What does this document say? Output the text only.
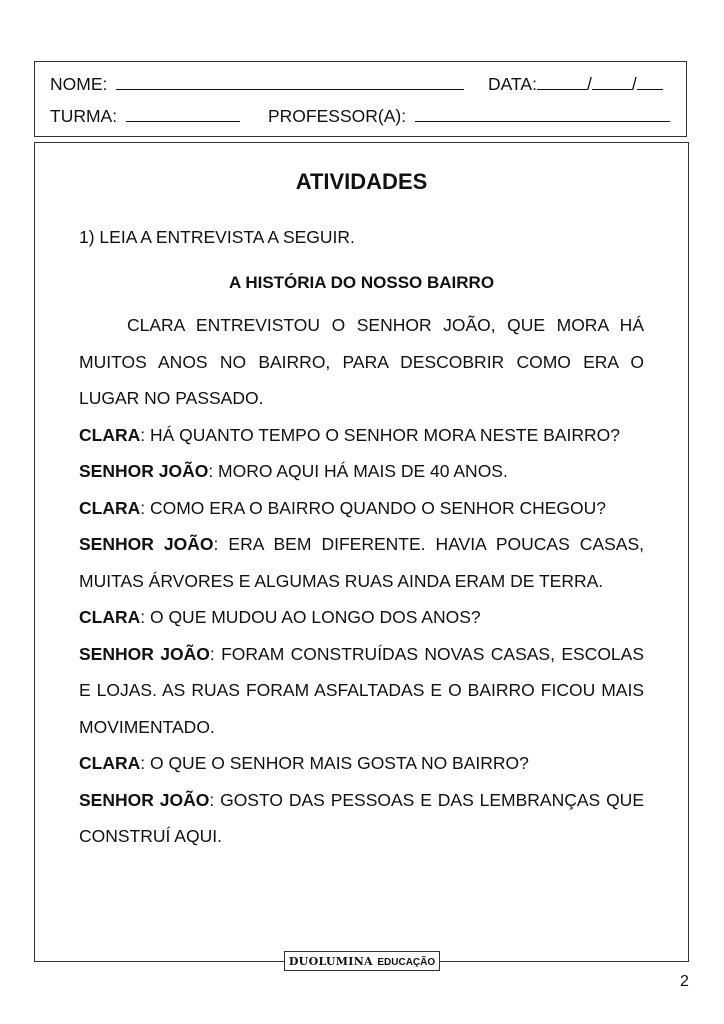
NOME:	DATA:	/ /
TURMA:	PROFESSOR(A):
ATIVIDADES
1) LEIA A ENTREVISTA A SEGUIR.
A HISTÓRIA DO NOSSO BAIRRO

CLARA ENTREVISTOU O SENHOR JOÃO, QUE MORA HÁ MUITOS ANOS NO BAIRRO, PARA DESCOBRIR COMO ERA O LUGAR NO PASSADO.

CLARA: HÁ QUANTO TEMPO O SENHOR MORA NESTE BAIRRO?

SENHOR JOÃO: MORO AQUI HÁ MAIS DE 40 ANOS.

CLARA: COMO ERA O BAIRRO QUANDO O SENHOR CHEGOU?

SENHOR JOÃO: ERA BEM DIFERENTE. HAVIA POUCAS CASAS, MUITAS ÁRVORES E ALGUMAS RUAS AINDA ERAM DE TERRA.

CLARA: O QUE MUDOU AO LONGO DOS ANOS?

SENHOR JOÃO: FORAM CONSTRUÍDAS NOVAS CASAS, ESCOLAS E LOJAS. AS RUAS FORAM ASFALTADAS E O BAIRRO FICOU MAIS MOVIMENTADO.

CLARA: O QUE O SENHOR MAIS GOSTA NO BAIRRO?

SENHOR JOÃO: GOSTO DAS PESSOAS E DAS LEMBRANÇAS QUE CONSTRUÍ AQUI.

DUOLUMINA EDUCAÇÃO
2
